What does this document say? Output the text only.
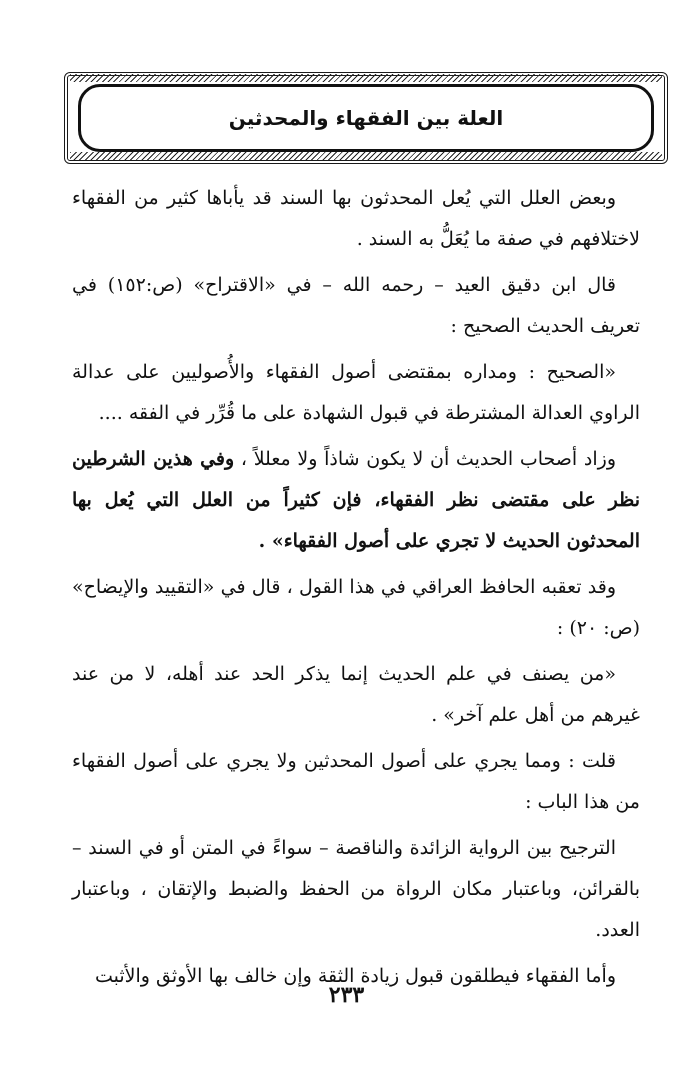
العلة بين الفقهاء والمحدثين

وبعض العلل التي يُعل المحدثون بها السند قد يأباها كثير من الفقهاء لاختلافهم في صفة ما يُعَلُّ به السند .

قال ابن دقيق العيد – رحمه الله – في «الاقتراح» (ص:١٥٢) في تعريف الحديث الصحيح :

«الصحيح : ومداره بمقتضى أصول الفقهاء والأُصوليين على عدالة الراوي العدالة المشترطة في قبول الشهادة على ما قُرِّر في الفقه ....

وزاد أصحاب الحديث أن لا يكون شاذاً ولا معللاً ، وفي هذين الشرطين نظر على مقتضى نظر الفقهاء، فإن كثيراً من العلل التي يُعل بها المحدثون الحديث لا تجري على أصول الفقهاء» .

وقد تعقبه الحافظ العراقي في هذا القول ، قال في «التقييد والإيضاح» (ص: ٢٠) :

«من يصنف في علم الحديث إنما يذكر الحد عند أهله، لا من عند غيرهم من أهل علم آخر» .

قلت : ومما يجري على أصول المحدثين ولا يجري على أصول الفقهاء من هذا الباب :

الترجيح بين الرواية الزائدة والناقصة – سواءً في المتن أو في السند – بالقرائن، وباعتبار مكان الرواة من الحفظ والضبط والإتقان ، وباعتبار العدد.

وأما الفقهاء فيطلقون قبول زيادة الثقة وإن خالف بها الأوثق والأثبت

٢٣٣
